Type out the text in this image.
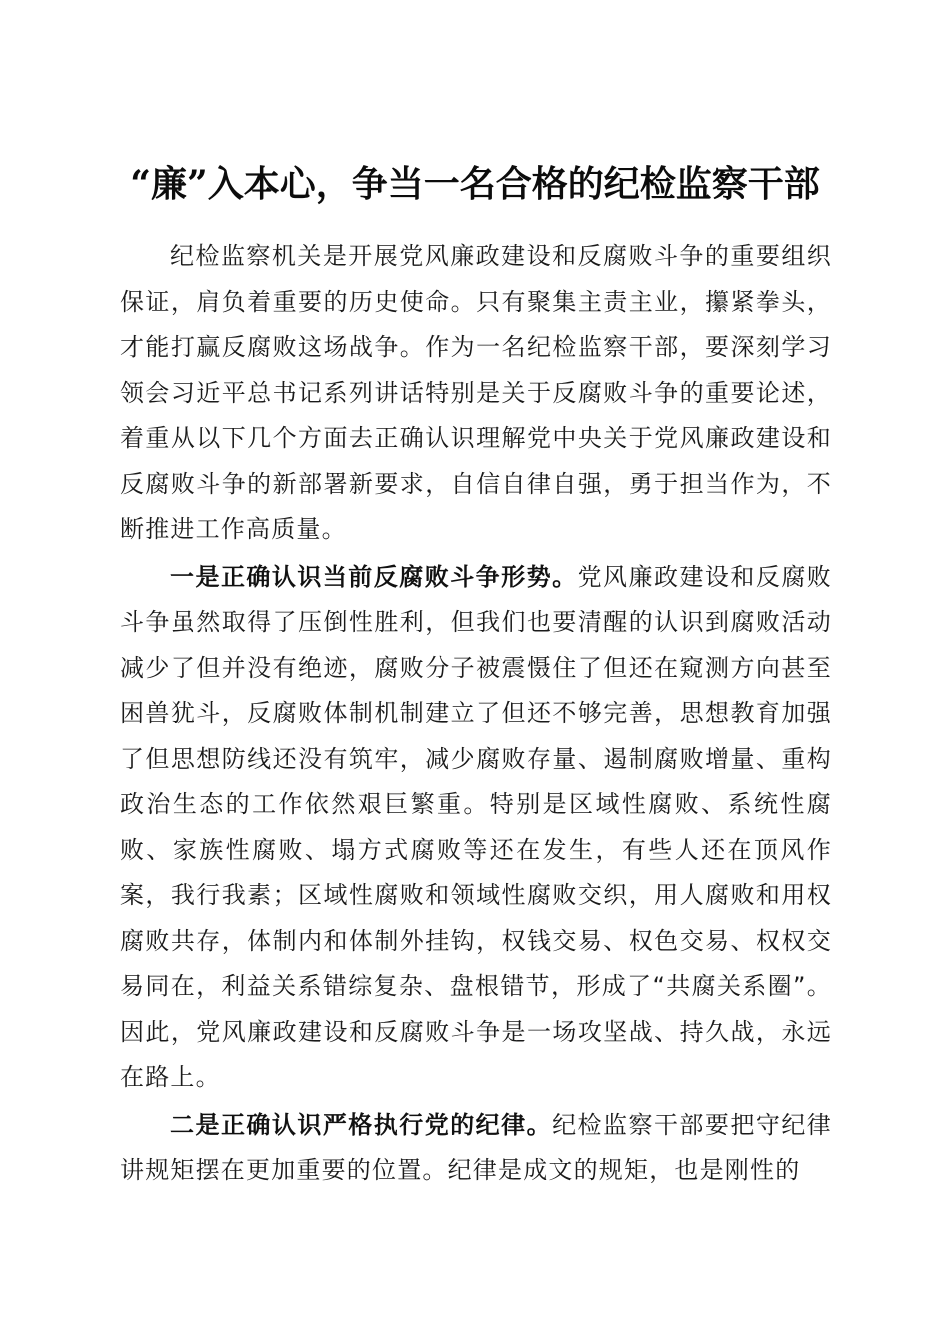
“廉”入本心，争当一名合格的纪检监察干部

纪检监察机关是开展党风廉政建设和反腐败斗争的重要组织保证，肩负着重要的历史使命。只有聚集主责主业，攥紧拳头，才能打赢反腐败这场战争。作为一名纪检监察干部，要深刻学习领会习近平总书记系列讲话特别是关于反腐败斗争的重要论述，着重从以下几个方面去正确认识理解党中央关于党风廉政建设和反腐败斗争的新部署新要求，自信自律自强，勇于担当作为，不断推进工作高质量。

一是正确认识当前反腐败斗争形势。党风廉政建设和反腐败斗争虽然取得了压倒性胜利，但我们也要清醒的认识到腐败活动减少了但并没有绝迹，腐败分子被震慑住了但还在窥测方向甚至困兽犹斗，反腐败体制机制建立了但还不够完善，思想教育加强了但思想防线还没有筑牢，减少腐败存量、遏制腐败增量、重构政治生态的工作依然艰巨繁重。特别是区域性腐败、系统性腐败、家族性腐败、塌方式腐败等还在发生，有些人还在顶风作案，我行我素；区域性腐败和领域性腐败交织，用人腐败和用权腐败共存，体制内和体制外挂钩，权钱交易、权色交易、权权交易同在，利益关系错综复杂、盘根错节，形成了“共腐关系圈”。因此，党风廉政建设和反腐败斗争是一场攻坚战、持久战，永远在路上。

二是正确认识严格执行党的纪律。纪检监察干部要把守纪律讲规矩摆在更加重要的位置。纪律是成文的规矩，也是刚性的
